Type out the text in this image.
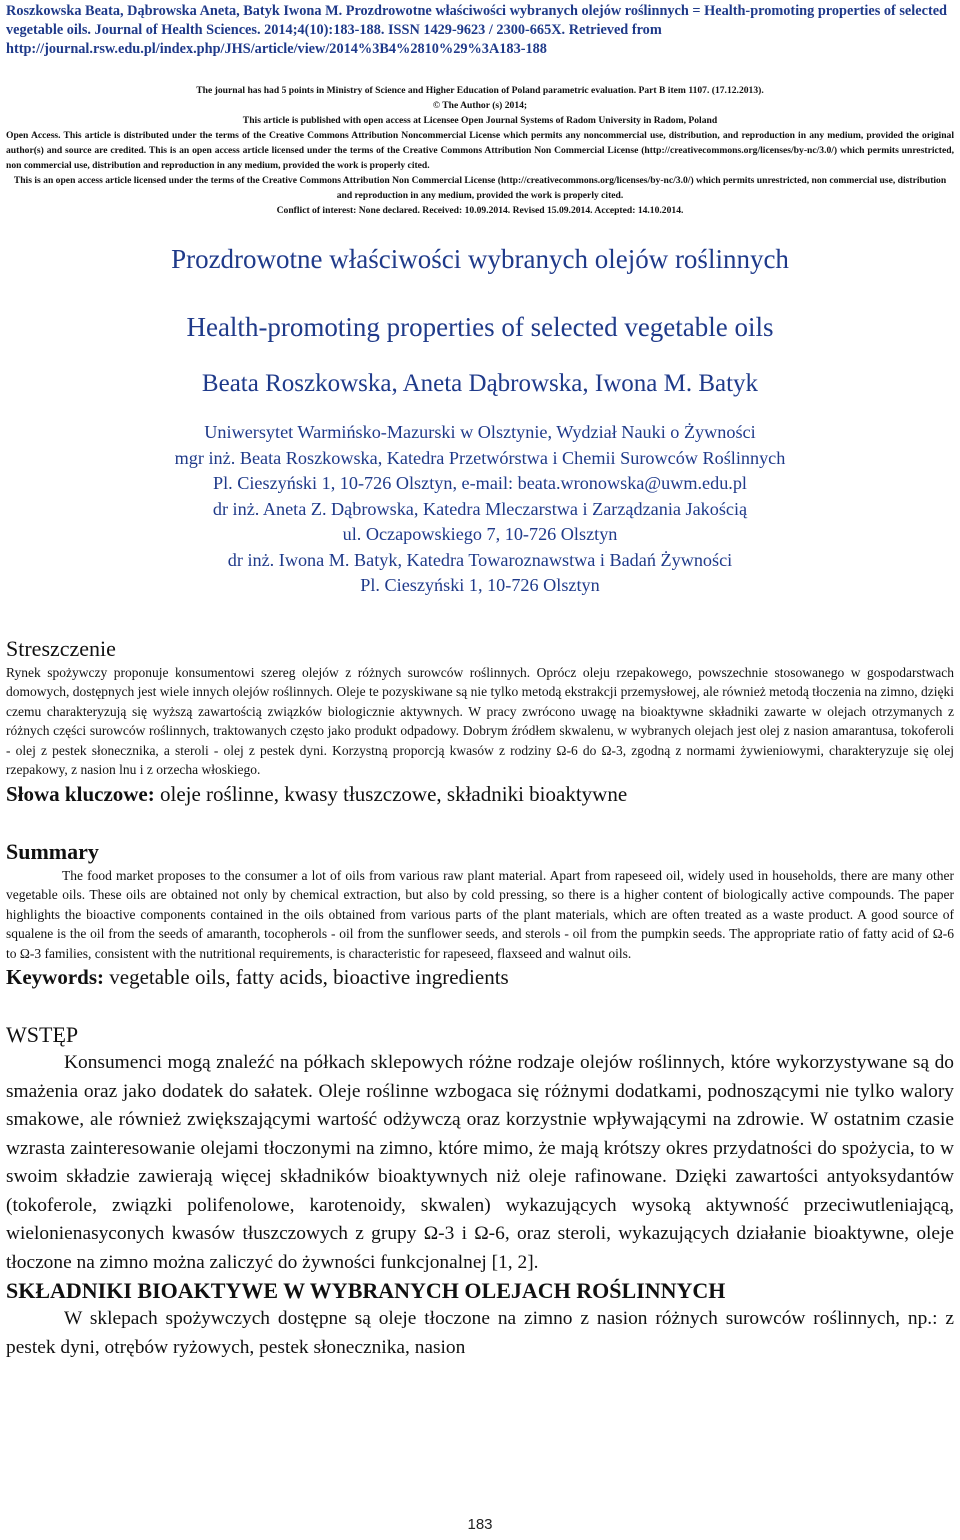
Roszkowska Beata, Dąbrowska Aneta, Batyk Iwona M. Prozdrowotne właściwości wybranych olejów roślinnych = Health-promoting properties of selected vegetable oils. Journal of Health Sciences. 2014;4(10):183-188. ISSN 1429-9623 / 2300-665X. Retrieved from http://journal.rsw.edu.pl/index.php/JHS/article/view/2014%3B4%2810%29%3A183-188

The journal has had 5 points in Ministry of Science and Higher Education of Poland parametric evaluation. Part B item 1107. (17.12.2013).

© The Author (s) 2014;

This article is published with open access at Licensee Open Journal Systems of Radom University in Radom, Poland

Open Access. This article is distributed under the terms of the Creative Commons Attribution Noncommercial License which permits any noncommercial use, distribution, and reproduction in any medium, provided the original author(s) and source are credited. This is an open access article licensed under the terms of the Creative Commons Attribution Non Commercial License (http://creativecommons.org/licenses/by-nc/3.0/) which permits unrestricted, non commercial use, distribution and reproduction in any medium, provided the work is properly cited.

This is an open access article licensed under the terms of the Creative Commons Attribution Non Commercial License (http://creativecommons.org/licenses/by-nc/3.0/) which permits unrestricted, non commercial use, distribution and reproduction in any medium, provided the work is properly cited.

Conflict of interest: None declared. Received: 10.09.2014. Revised 15.09.2014. Accepted: 14.10.2014.

Prozdrowotne właściwości wybranych olejów roślinnych
Health-promoting properties of selected vegetable oils

Beata Roszkowska, Aneta Dąbrowska, Iwona M. Batyk

Uniwersytet Warmińsko-Mazurski w Olsztynie, Wydział Nauki o Żywności

mgr inż. Beata Roszkowska, Katedra Przetwórstwa i Chemii Surowców Roślinnych

Pl. Cieszyński 1, 10-726 Olsztyn, e-mail: beata.wronowska@uwm.edu.pl

dr inż. Aneta Z. Dąbrowska, Katedra Mleczarstwa i Zarządzania Jakością

ul. Oczapowskiego 7, 10-726 Olsztyn

dr inż. Iwona M. Batyk, Katedra Towaroznawstwa i Badań Żywności

Pl. Cieszyński 1, 10-726 Olsztyn

Streszczenie

Rynek spożywczy proponuje konsumentowi szereg olejów z różnych surowców roślinnych. Oprócz oleju rzepakowego, powszechnie stosowanego w gospodarstwach domowych, dostępnych jest wiele innych olejów roślinnych. Oleje te pozyskiwane są nie tylko metodą ekstrakcji przemysłowej, ale również metodą tłoczenia na zimno, dzięki czemu charakteryzują się wyższą zawartością związków biologicznie aktywnych. W pracy zwrócono uwagę na bioaktywne składniki zawarte w olejach otrzymanych z różnych części surowców roślinnych, traktowanych często jako produkt odpadowy. Dobrym źródłem skwalenu, w wybranych olejach jest olej z nasion amarantusa, tokoferoli - olej z pestek słonecznika, a steroli - olej z pestek dyni. Korzystną proporcją kwasów z rodziny Ω-6 do Ω-3, zgodną z normami żywieniowymi, charakteryzuje się olej rzepakowy, z nasion lnu i z orzecha włoskiego.

Słowa kluczowe: oleje roślinne, kwasy tłuszczowe, składniki bioaktywne

Summary

The food market proposes to the consumer a lot of oils from various raw plant material. Apart from rapeseed oil, widely used in households, there are many other vegetable oils. These oils are obtained not only by chemical extraction, but also by cold pressing, so there is a higher content of biologically active compounds. The paper highlights the bioactive components contained in the oils obtained from various parts of the plant materials, which are often treated as a waste product. A good source of squalene is the oil from the seeds of amaranth, tocopherols - oil from the sunflower seeds, and sterols - oil from the pumpkin seeds. The appropriate ratio of fatty acid of Ω-6 to Ω-3 families, consistent with the nutritional requirements, is characteristic for rapeseed, flaxseed and walnut oils.

Keywords: vegetable oils, fatty acids, bioactive ingredients

WSTĘP

Konsumenci mogą znaleźć na półkach sklepowych różne rodzaje olejów roślinnych, które wykorzystywane są do smażenia oraz jako dodatek do sałatek. Oleje roślinne wzbogaca się różnymi dodatkami, podnoszącymi nie tylko walory smakowe, ale również zwiększającymi wartość odżywczą oraz korzystnie wpływającymi na zdrowie. W ostatnim czasie wzrasta zainteresowanie olejami tłoczonymi na zimno, które mimo, że mają krótszy okres przydatności do spożycia, to w swoim składzie zawierają więcej składników bioaktywnych niż oleje rafinowane. Dzięki zawartości antyoksydantów (tokoferole, związki polifenolowe, karotenoidy, skwalen) wykazujących wysoką aktywność przeciwutleniającą, wielonienasyconych kwasów tłuszczowych z grupy Ω-3 i Ω-6, oraz steroli, wykazujących działanie bioaktywne, oleje tłoczone na zimno można zaliczyć do żywności funkcjonalnej [1, 2].

SKŁADNIKI BIOAKTYWE W WYBRANYCH OLEJACH ROŚLINNYCH

W sklepach spożywczych dostępne są oleje tłoczone na zimno z nasion różnych surowców roślinnych, np.: z pestek dyni, otrębów ryżowych, pestek słonecznika, nasion

183
